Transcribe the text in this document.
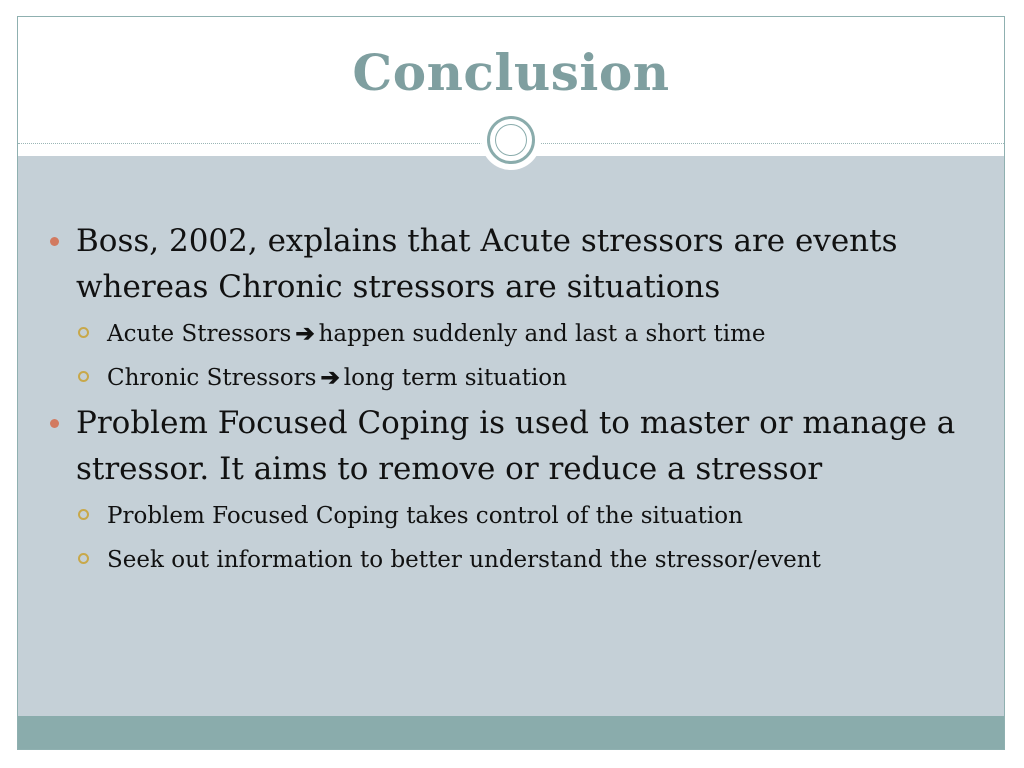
Conclusion
Boss, 2002, explains that Acute stressors are events whereas Chronic stressors are situations
Acute Stressors ➔ happen suddenly and last a short time
Chronic Stressors ➔ long term situation
Problem Focused Coping is used to master or manage a stressor. It aims to remove or reduce a stressor
Problem Focused Coping takes control of the situation
Seek out information to better understand the stressor/event
